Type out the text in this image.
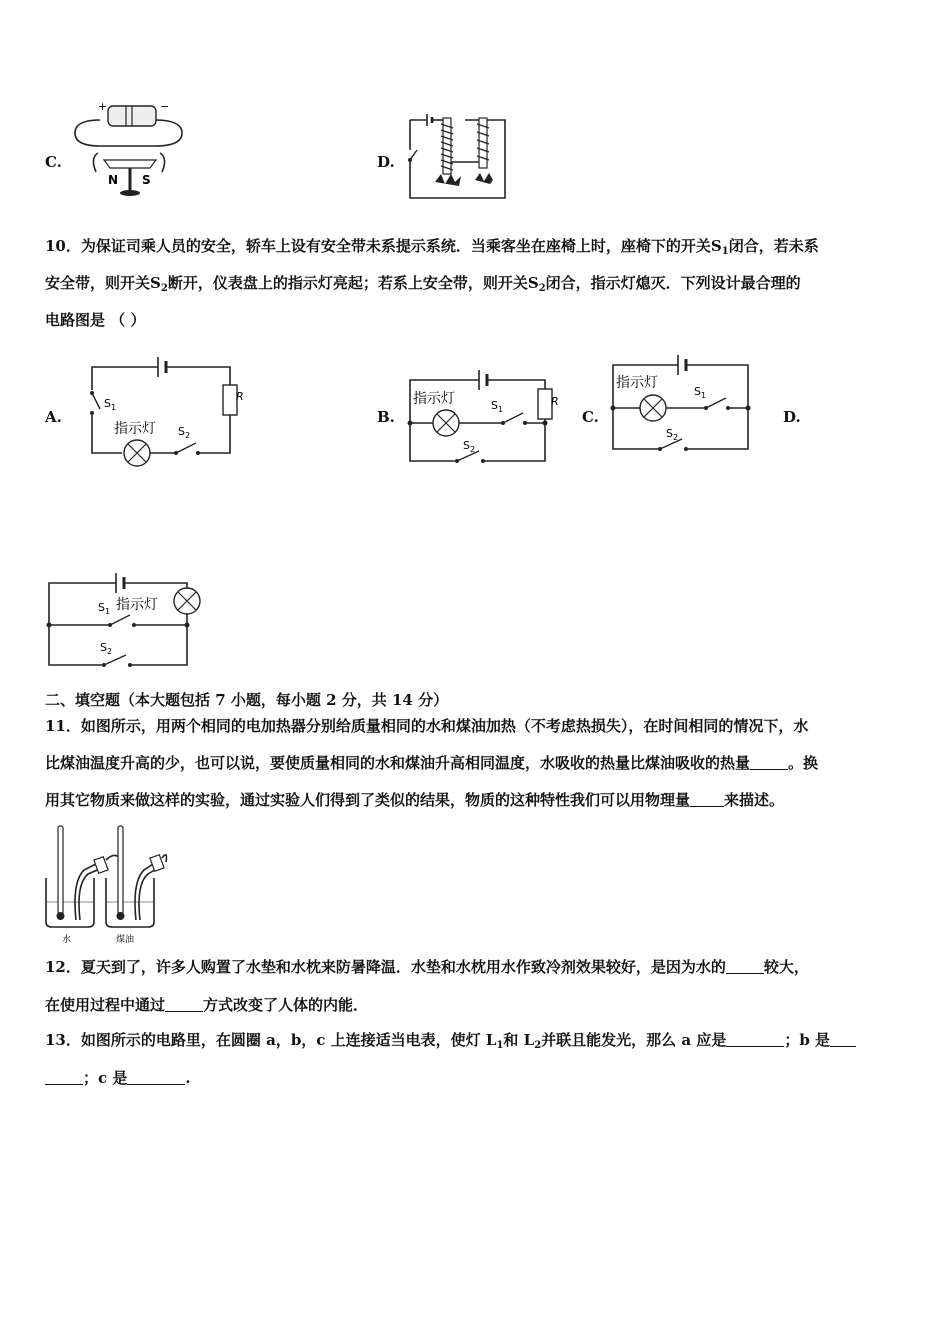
C.
+	−
N S
D.
10．为保证司乘人员的安全，轿车上设有安全带未系提示系统．当乘客坐在座椅上时，座椅下的开关$S_1$闭合，若未系
安全带，则开关$S_2$断开，仪表盘上的指示灯亮起；若系上安全带，则开关$S_2$闭合，指示灯熄灭．下列设计最合理的
电路图是 （ ）
A.
R
$S_1$
指示灯 $S_2$
B.
R
指示灯	$S_1$
$S_2$
C.
指示灯
$S_1$
$S_2$
D.
指示灯
$S_1$
$S_2$
二、填空题（本大题包括 7 小题，每小题 2 分，共 14 分）
11．如图所示，用两个相同的电加热器分别给质量相同的水和煤油加热（不考虑热损失），在时间相同的情况下，水
比煤油温度升高的少，也可以说，要使质量相同的水和煤油升高相同温度，水吸收的热量比煤油吸收的热量	。换
用其它物质来做这样的实验，通过实验人们得到了类似的结果，物质的这种特性我们可以用物理量 来描述。
水	煤油
12．夏天到了，许多人购置了水垫和水枕来防暑降温．水垫和水枕用水作致冷剂效果较好，是因为水的	较大，
在使用过程中通过	方式改变了人体的内能．
13．如图所示的电路里，在圆圈 a，b，c 上连接适当电表，使灯 $L_1$和 $L_2$并联且能发光，那么 a 应是	；b 是
；c 是	.
